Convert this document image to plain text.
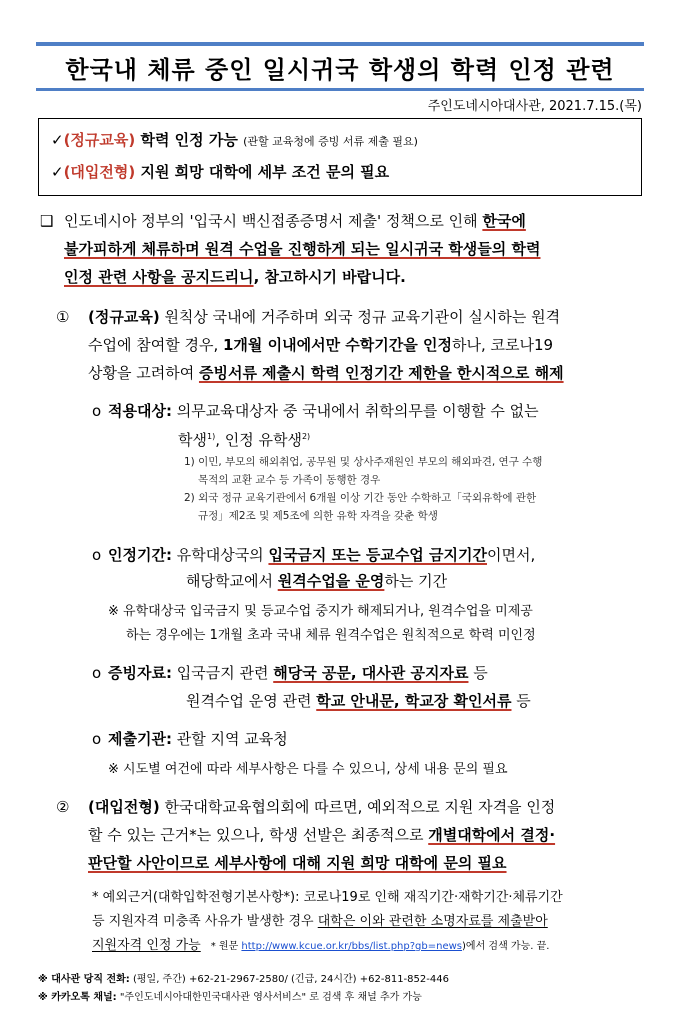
한국내 체류 중인 일시귀국 학생의 학력 인정 관련
주인도네시아대사관, 2021.7.15.(목)
✓(정규교육) 학력 인정 가능 (관할 교육청에 증빙 서류 제출 필요)
✓(대입전형) 지원 희망 대학에 세부 조건 문의 필요
❑ 인도네시아 정부의 '입국시 백신접종증명서 제출' 정책으로 인해 한국에
불가피하게 체류하며 원격 수업을 진행하게 되는 일시귀국 학생들의 학력
인정 관련 사항을 공지드리니, 참고하시기 바랍니다.
① (정규교육) 원칙상 국내에 거주하며 외국 정규 교육기관이 실시하는 원격
수업에 참여할 경우, 1개월 이내에서만 수학기간을 인정하나, 코로나19
상황을 고려하여 증빙서류 제출시 학력 인정기간 제한을 한시적으로 해제
o 적용대상: 의무교육대상자 중 국내에서 취학의무를 이행할 수 없는
학생$^{1)}$, 인정 유학생$^{2)}$
1) 이민, 부모의 해외취업, 공무원 및 상사주재원인 부모의 해외파견, 연구 수행
목적의 교환 교수 등 가족이 동행한 경우
2) 외국 정규 교육기관에서 6개월 이상 기간 동안 수학하고「국외유학에 관한
규정」제2조 및 제5조에 의한 유학 자격을 갖춘 학생
o 인정기간: 유학대상국의 입국금지 또는 등교수업 금지기간이면서,
해당학교에서 원격수업을 운영하는 기간
※ 유학대상국 입국금지 및 등교수업 중지가 해제되거나, 원격수업을 미제공
하는 경우에는 1개월 초과 국내 체류 원격수업은 원칙적으로 학력 미인정
o 증빙자료: 입국금지 관련 해당국 공문, 대사관 공지자료 등
원격수업 운영 관련 학교 안내문, 학교장 확인서류 등
o 제출기관: 관할 지역 교육청
※ 시도별 여건에 따라 세부사항은 다를 수 있으니, 상세 내용 문의 필요
② (대입전형) 한국대학교육협의회에 따르면, 예외적으로 지원 자격을 인정
할 수 있는 근거*는 있으나, 학생 선발은 최종적으로 개별대학에서 결정·
판단할 사안이므로 세부사항에 대해 지원 희망 대학에 문의 필요
* 예외근거(대학입학전형기본사항*): 코로나19로 인해 재직기간·재학기간·체류기간
등 지원자격 미충족 사유가 발생한 경우 대학은 이와 관련한 소명자료를 제출받아
지원자격 인정 가능 * 원문 http://www.kcue.or.kr/bbs/list.php?gb=news)에서 검색 가능. 끝.
※ 대사관 당직 전화: (평일, 주간) +62-21-2967-2580/ (긴급, 24시간) +62-811-852-446
※ 카카오톡 채널: "주인도네시아대한민국대사관 영사서비스" 로 검색 후 채널 추가 가능
